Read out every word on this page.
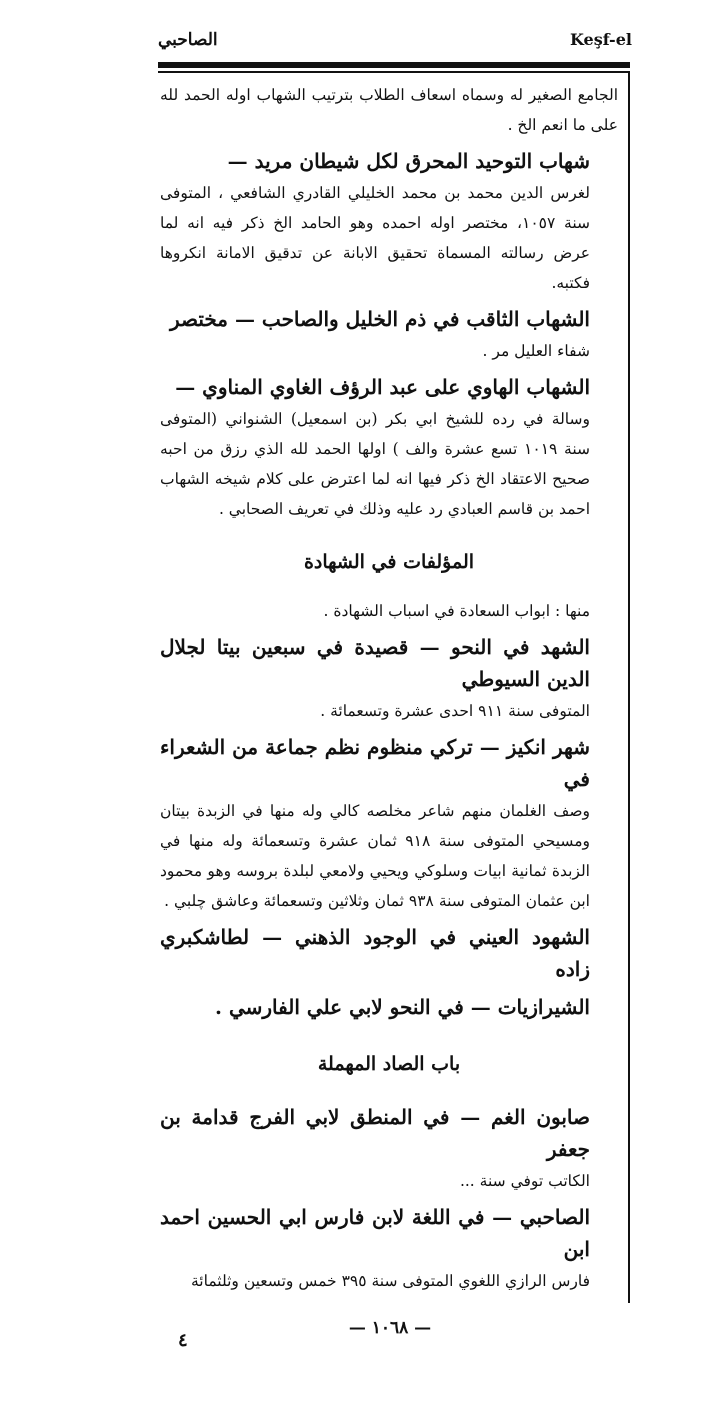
Keşf-el
الصاحبي

الجامع الصغير له وسماه اسعاف الطلاب بترتيب الشهاب اوله الحمد لله على ما انعم الخ .

شهاب التوحيد المحرق لكل شيطان مريد —
لغرس الدين محمد بن محمد الخليلي القادري الشافعي ، المتوفى سنة ١٠٥٧، مختصر اوله احمده وهو الحامد الخ ذكر فيه انه لما عرض رسالته المسماة تحقيق الابانة عن تدقيق الامانة انكروها فكتبه.

الشهاب الثاقب في ذم الخليل والصاحب — مختصر
شفاء العليل مر .

الشهاب الهاوي على عبد الرؤف الغاوي المناوي —
وسالة في رده للشيخ ابي بكر (بن اسمعيل) الشنواني (المتوفى سنة ١٠١٩ تسع عشرة والف ) اولها الحمد لله الذي رزق من احبه صحيح الاعتقاد الخ ذكر فيها انه لما اعترض على كلام شيخه الشهاب احمد بن قاسم العبادي رد عليه وذلك في تعريف الصحابي .

المؤلفات في الشهادة

منها : ابواب السعادة في اسباب الشهادة .

الشهد في النحو — قصيدة في سبعين بيتا لجلال الدين السيوطي
المتوفى سنة ٩١١ احدى عشرة وتسعمائة .

شهر انكيز — تركي منظوم نظم جماعة من الشعراء في
وصف الغلمان منهم شاعر مخلصه كالي وله منها في الزبدة بيتان ومسيحي المتوفى سنة ٩١٨ ثمان عشرة وتسعمائة وله منها في الزبدة ثمانية ابيات وسلوكي ويحيي ولامعي لبلدة بروسه وهو محمود ابن عثمان المتوفى سنة ٩٣٨ ثمان وثلاثين وتسعمائة وعاشق چلبي .

الشهود العيني في الوجود الذهني — لطاشكبري زاده

الشيرازيات — في النحو لابي علي الفارسي .

باب الصاد المهملة

صابون الغم — في المنطق لابي الفرج قدامة بن جعفر
الكاتب توفي سنة ...

الصاحبي — في اللغة لابن فارس ابي الحسين احمد ابن
فارس الرازي اللغوي المتوفى سنة ٣٩٥ خمس وتسعين وثلثمائة

— ١٠٦٨ —
٤
